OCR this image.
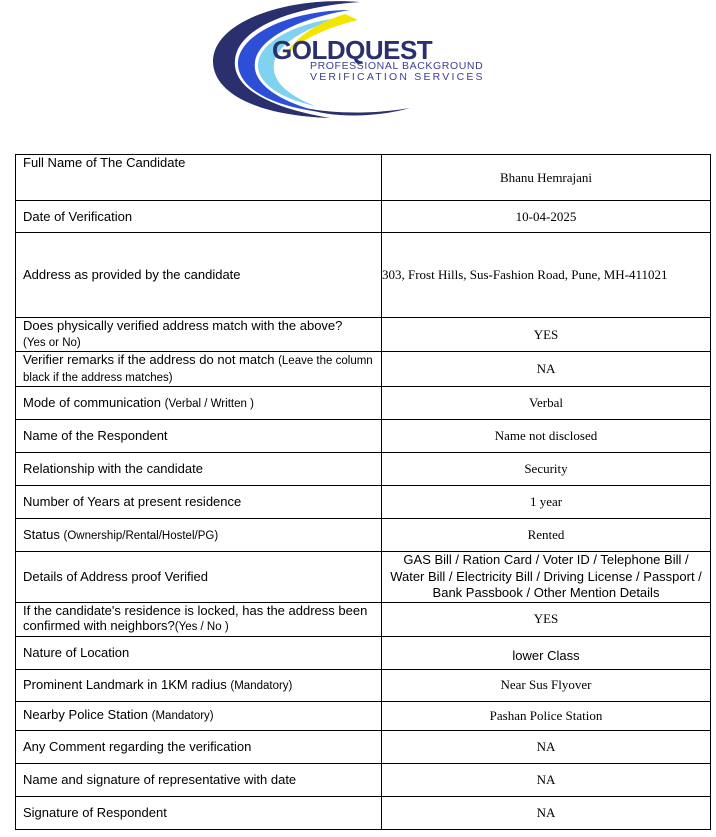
GOLDQUEST
PROFESSIONAL BACKGROUND
VERIFICATION SERVICES
Full Name of The Candidate	Bhanu Hemrajani
Date of Verification	10-04-2025
Address as provided by the candidate	303, Frost Hills, Sus-Fashion Road, Pune, MH-411021
Does physically verified address match with the above?
(Yes or No)	YES
Verifier remarks if the address do not match (Leave the column black if the address matches)	NA
Mode of communication (Verbal / Written )	Verbal
Name of the Respondent	Name not disclosed
Relationship with the candidate	Security
Number of Years at present residence	1 year
Status (Ownership/Rental/Hostel/PG)	Rented
Details of Address proof Verified	GAS Bill / Ration Card / Voter ID / Telephone Bill / Water Bill / Electricity Bill / Driving License / Passport / Bank Passbook / Other Mention Details
If the candidate's residence is locked, has the address been confirmed with neighbors?(Yes / No )	YES
Nature of Location	lower Class
Prominent Landmark in 1KM radius (Mandatory)	Near Sus Flyover
Nearby Police Station (Mandatory)	Pashan Police Station
Any Comment regarding the verification	NA
Name and signature of representative with date	NA
Signature of Respondent	NA
